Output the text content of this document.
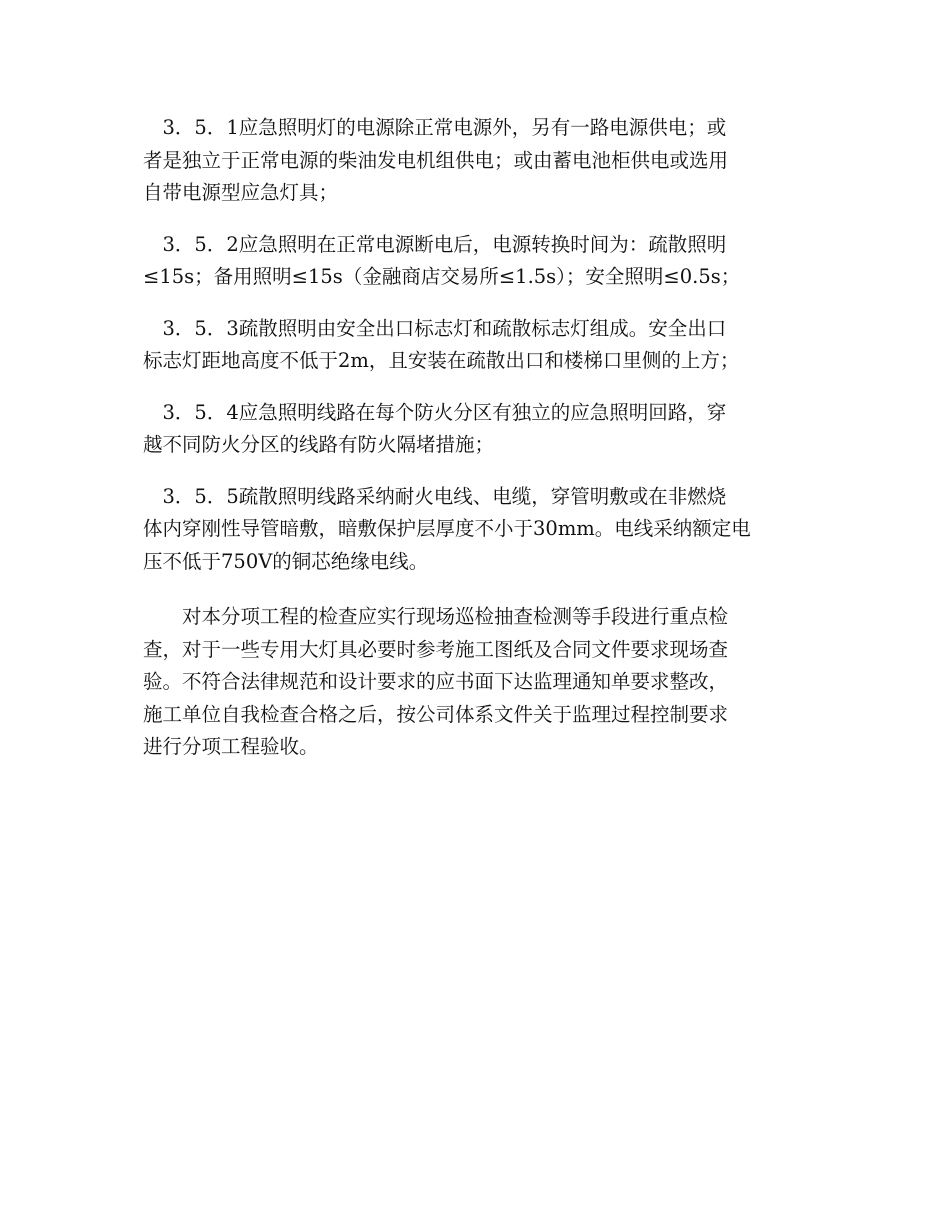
　3．5．1应急照明灯的电源除正常电源外，另有一路电源供电；或
者是独立于正常电源的柴油发电机组供电；或由蓄电池柜供电或选用
自带电源型应急灯具；

　3．5．2应急照明在正常电源断电后，电源转换时间为：疏散照明
≤15s；备用照明≤15s（金融商店交易所≤1.5s）；安全照明≤0.5s；

　3．5．3疏散照明由安全出口标志灯和疏散标志灯组成。安全出口
标志灯距地高度不低于2m，且安装在疏散出口和楼梯口里侧的上方；

　3．5．4应急照明线路在每个防火分区有独立的应急照明回路，穿
越不同防火分区的线路有防火隔堵措施；

　3．5．5疏散照明线路采纳耐火电线、电缆，穿管明敷或在非燃烧
体内穿刚性导管暗敷，暗敷保护层厚度不小于30mm。电线采纳额定电
压不低于750V的铜芯绝缘电线。

　　对本分项工程的检查应实行现场巡检抽查检测等手段进行重点检
查，对于一些专用大灯具必要时参考施工图纸及合同文件要求现场查
验。不符合法律规范和设计要求的应书面下达监理通知单要求整改，
施工单位自我检查合格之后，按公司体系文件关于监理过程控制要求
进行分项工程验收。
